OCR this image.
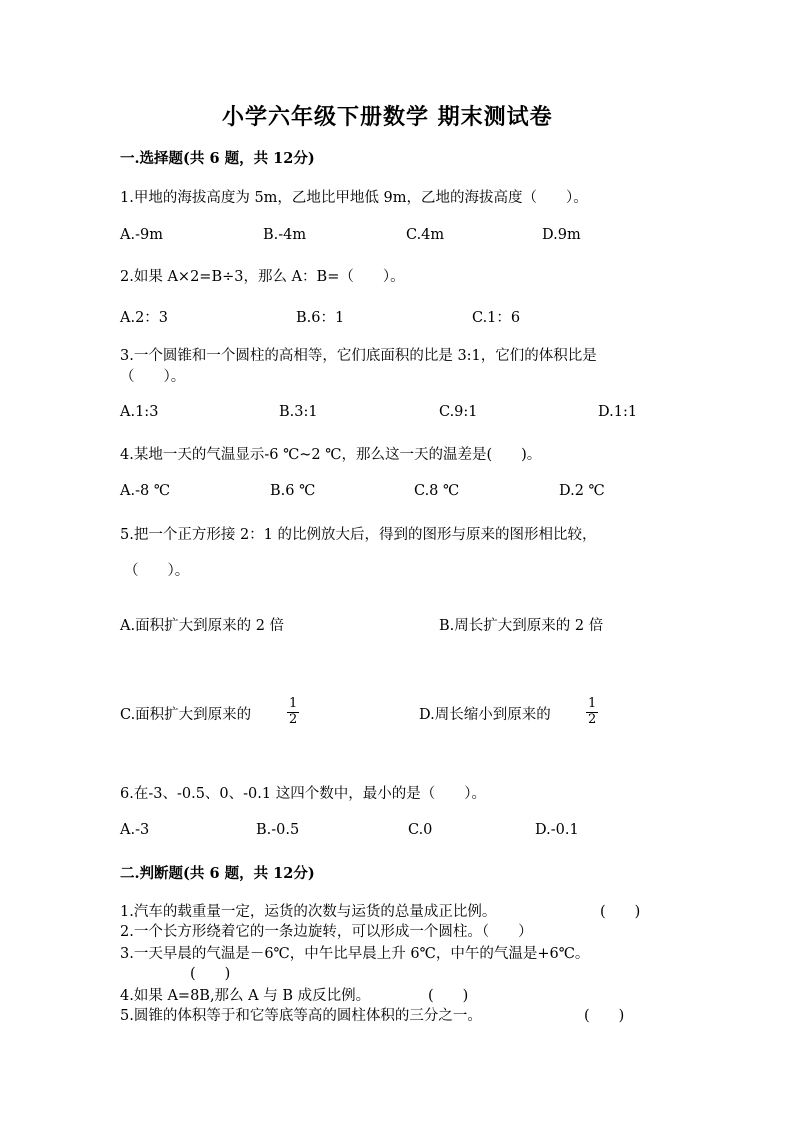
小学六年级下册数学 期末测试卷
一.选择题(共 6 题，共 12分)
1.甲地的海拔高度为 5m，乙地比甲地低 9m，乙地的海拔高度（　　）。
A.-9m	B.-4m	C.4m	D.9m
2.如果 A×2=B÷3，那么 A：B=（　　）。
A.2：3	B.6：1	C.1：6
3.一个圆锥和一个圆柱的高相等，它们底面积的比是 3:1，它们的体积比是
（　　）。
A.1:3	B.3:1	C.9:1	D.1:1
4.某地一天的气温显示-6 ℃~2 ℃，那么这一天的温差是(　　)。
A.-8 ℃	B.6 ℃	C.8 ℃	D.2 ℃
5.把一个正方形接 2：1 的比例放大后，得到的图形与原来的图形相比较，
（　　）。
A.面积扩大到原来的 2 倍	B.周长扩大到原来的 2 倍
C.面积扩大到原来的	$\frac{1}{2}$	D.周长缩小到原来的	$\frac{1}{2}$
6.在-3、-0.5、0、-0.1 这四个数中，最小的是（　　）。
A.-3	B.-0.5	C.0	D.-0.1
二.判断题(共 6 题，共 12分)
1.汽车的载重量一定，运货的次数与运货的总量成正比例。	(　　)
2.一个长方形绕着它的一条边旋转，可以形成一个圆柱。（　　）
3.一天早晨的气温是－6℃，中午比早晨上升 6℃，中午的气温是+6℃。
(　　)
4.如果 A=8B,那么 A 与 B 成反比例。	(　　)
5.圆锥的体积等于和它等底等高的圆柱体积的三分之一。	(　　)
